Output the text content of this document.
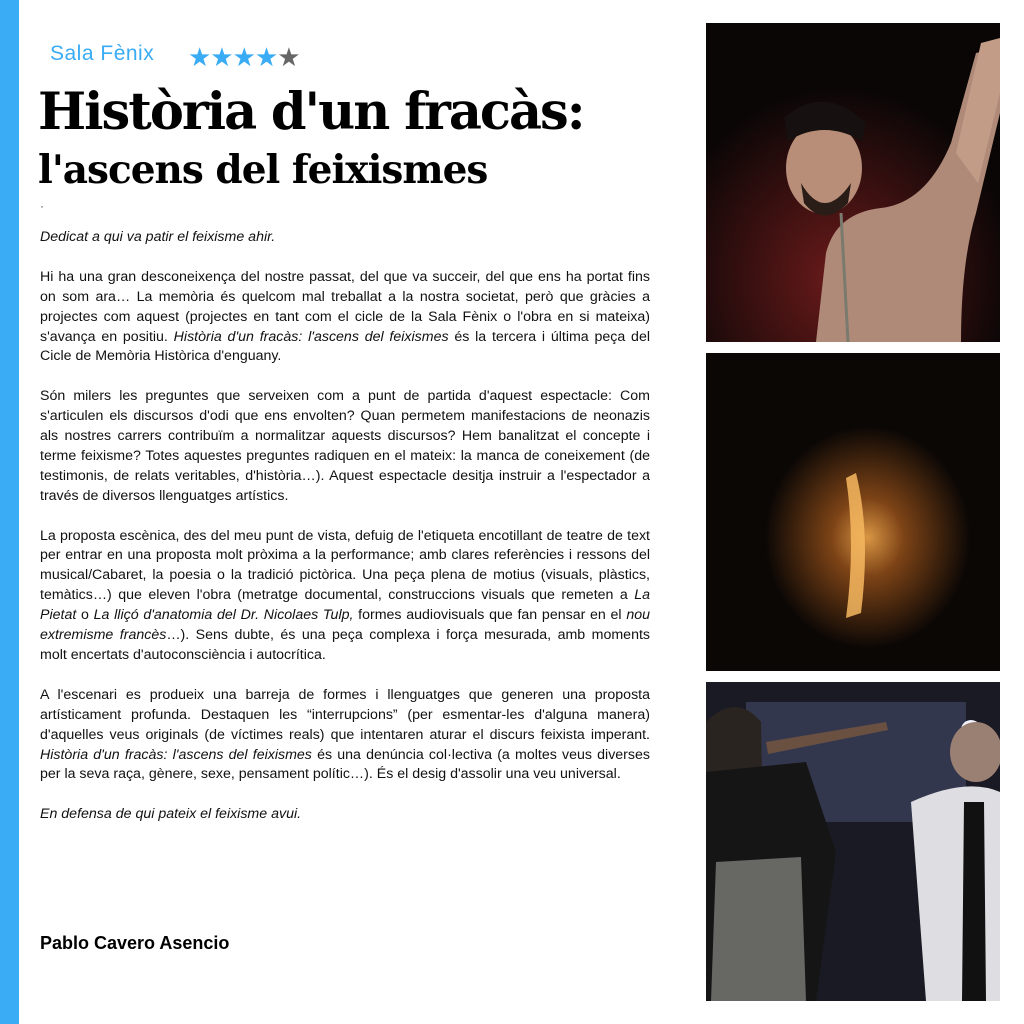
Sala Fènix ★★★★★
Història d'un fracàs:
l'ascens del feixismes
·

Dedicat a qui va patir el feixisme ahir.

Hi ha una gran desconeixença del nostre passat, del que va succeir, del que ens ha portat fins on som ara… La memòria és quelcom mal treballat a la nostra societat, però que gràcies a projectes com aquest (projectes en tant com el cicle de la Sala Fènix o l'obra en si mateixa) s'avança en positiu. Història d'un fracàs: l'ascens del feixismes és la tercera i última peça del Cicle de Memòria Històrica d'enguany.

Són milers les preguntes que serveixen com a punt de partida d'aquest espectacle: Com s'articulen els discursos d'odi que ens envolten? Quan permetem manifestacions de neonazis als nostres carrers contribuïm a normalitzar aquests discursos? Hem banalitzat el concepte i terme feixisme? Totes aquestes preguntes radiquen en el mateix: la manca de coneixement (de testimonis, de relats veritables, d'història…). Aquest espectacle desitja instruir a l'espectador a través de diversos llenguatges artístics.

La proposta escènica, des del meu punt de vista, defuig de l'etiqueta encotillant de teatre de text per entrar en una proposta molt pròxima a la performance; amb clares referències i ressons del musical/Cabaret, la poesia o la tradició pictòrica. Una peça plena de motius (visuals, plàstics, temàtics…) que eleven l'obra (metratge documental, construccions visuals que remeten a La Pietat o La lliçó d'anatomia del Dr. Nicolaes Tulp, formes audiovisuals que fan pensar en el nou extremisme francès…). Sens dubte, és una peça complexa i força mesurada, amb moments molt encertats d'autoconsciència i autocrítica.

A l'escenari es produeix una barreja de formes i llenguatges que generen una proposta artísticament profunda. Destaquen les “interrupcions” (per esmentar-les d'alguna manera) d'aquelles veus originals (de víctimes reals) que intentaren aturar el discurs feixista imperant. Història d'un fracàs: l'ascens del feixismes és una denúncia col·lectiva (a moltes veus diverses per la seva raça, gènere, sexe, pensament polític…). És el desig d'assolir una veu universal.

En defensa de qui pateix el feixisme avui.

Pablo Cavero Asencio
